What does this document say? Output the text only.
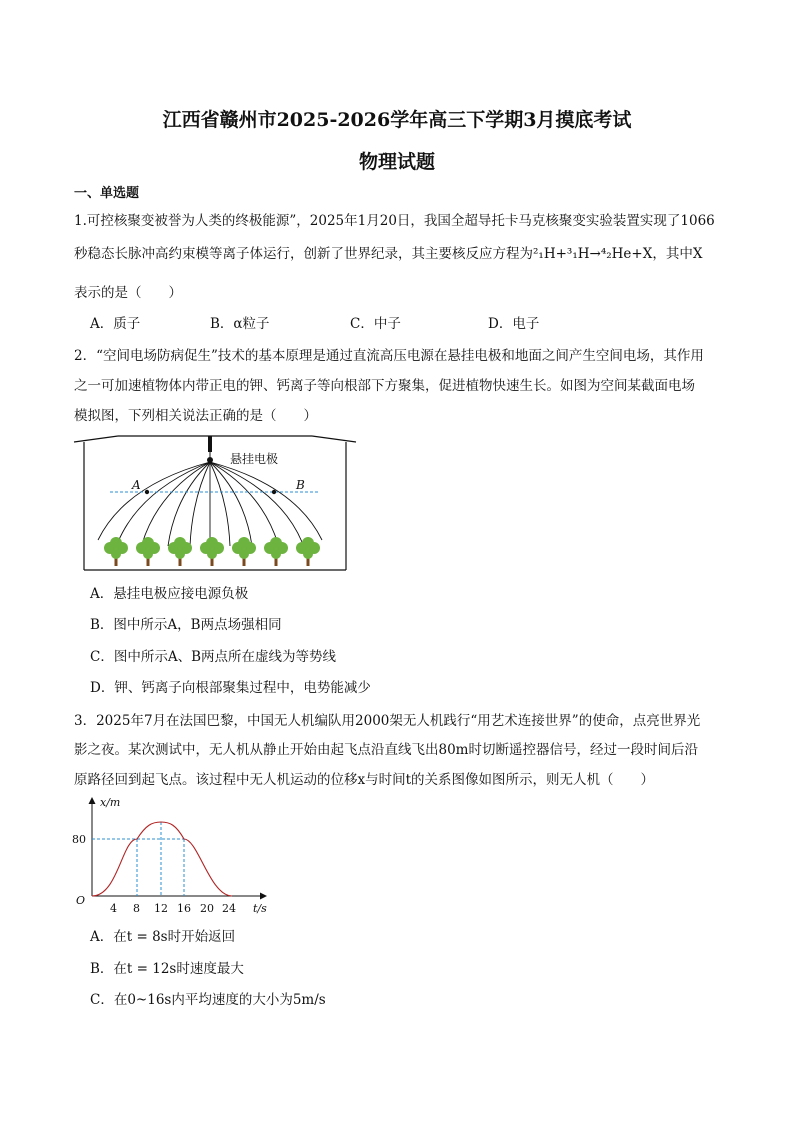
江西省赣州市2025-2026学年高三下学期3月摸底考试
物理试题
一、单选题
1.可控核聚变被誉为人类的终极能源”，2025年1月20日，我国全超导托卡马克核聚变实验装置实现了1066
秒稳态长脉冲高约束模等离子体运行，创新了世界纪录，其主要核反应方程为²₁H+³₁H→⁴₂He+X，其中X
表示的是（　　）
A．质子	B．α粒子	C．中子	D．电子
2．“空间电场防病促生”技术的基本原理是通过直流高压电源在悬挂电极和地面之间产生空间电场，其作用
之一可加速植物体内带正电的钾、钙离子等向根部下方聚集，促进植物快速生长。如图为空间某截面电场
模拟图，下列相关说法正确的是（　　）
悬挂电极
A	B
A．悬挂电极应接电源负极
B．图中所示A，B两点场强相同
C．图中所示A、B两点所在虚线为等势线
D．钾、钙离子向根部聚集过程中，电势能减少
3．2025年7月在法国巴黎，中国无人机编队用2000架无人机践行“用艺术连接世界”的使命，点亮世界光
影之夜。某次测试中，无人机从静止开始由起飞点沿直线飞出80m时切断遥控器信号，经过一段时间后沿
原路径回到起飞点。该过程中无人机运动的位移x与时间t的关系图像如图所示，则无人机（　　）
x/m
t/s
O
80
4 8 12 16 20 24
A．在t = 8s时开始返回
B．在t = 12s时速度最大
C．在0~16s内平均速度的大小为5m/s
